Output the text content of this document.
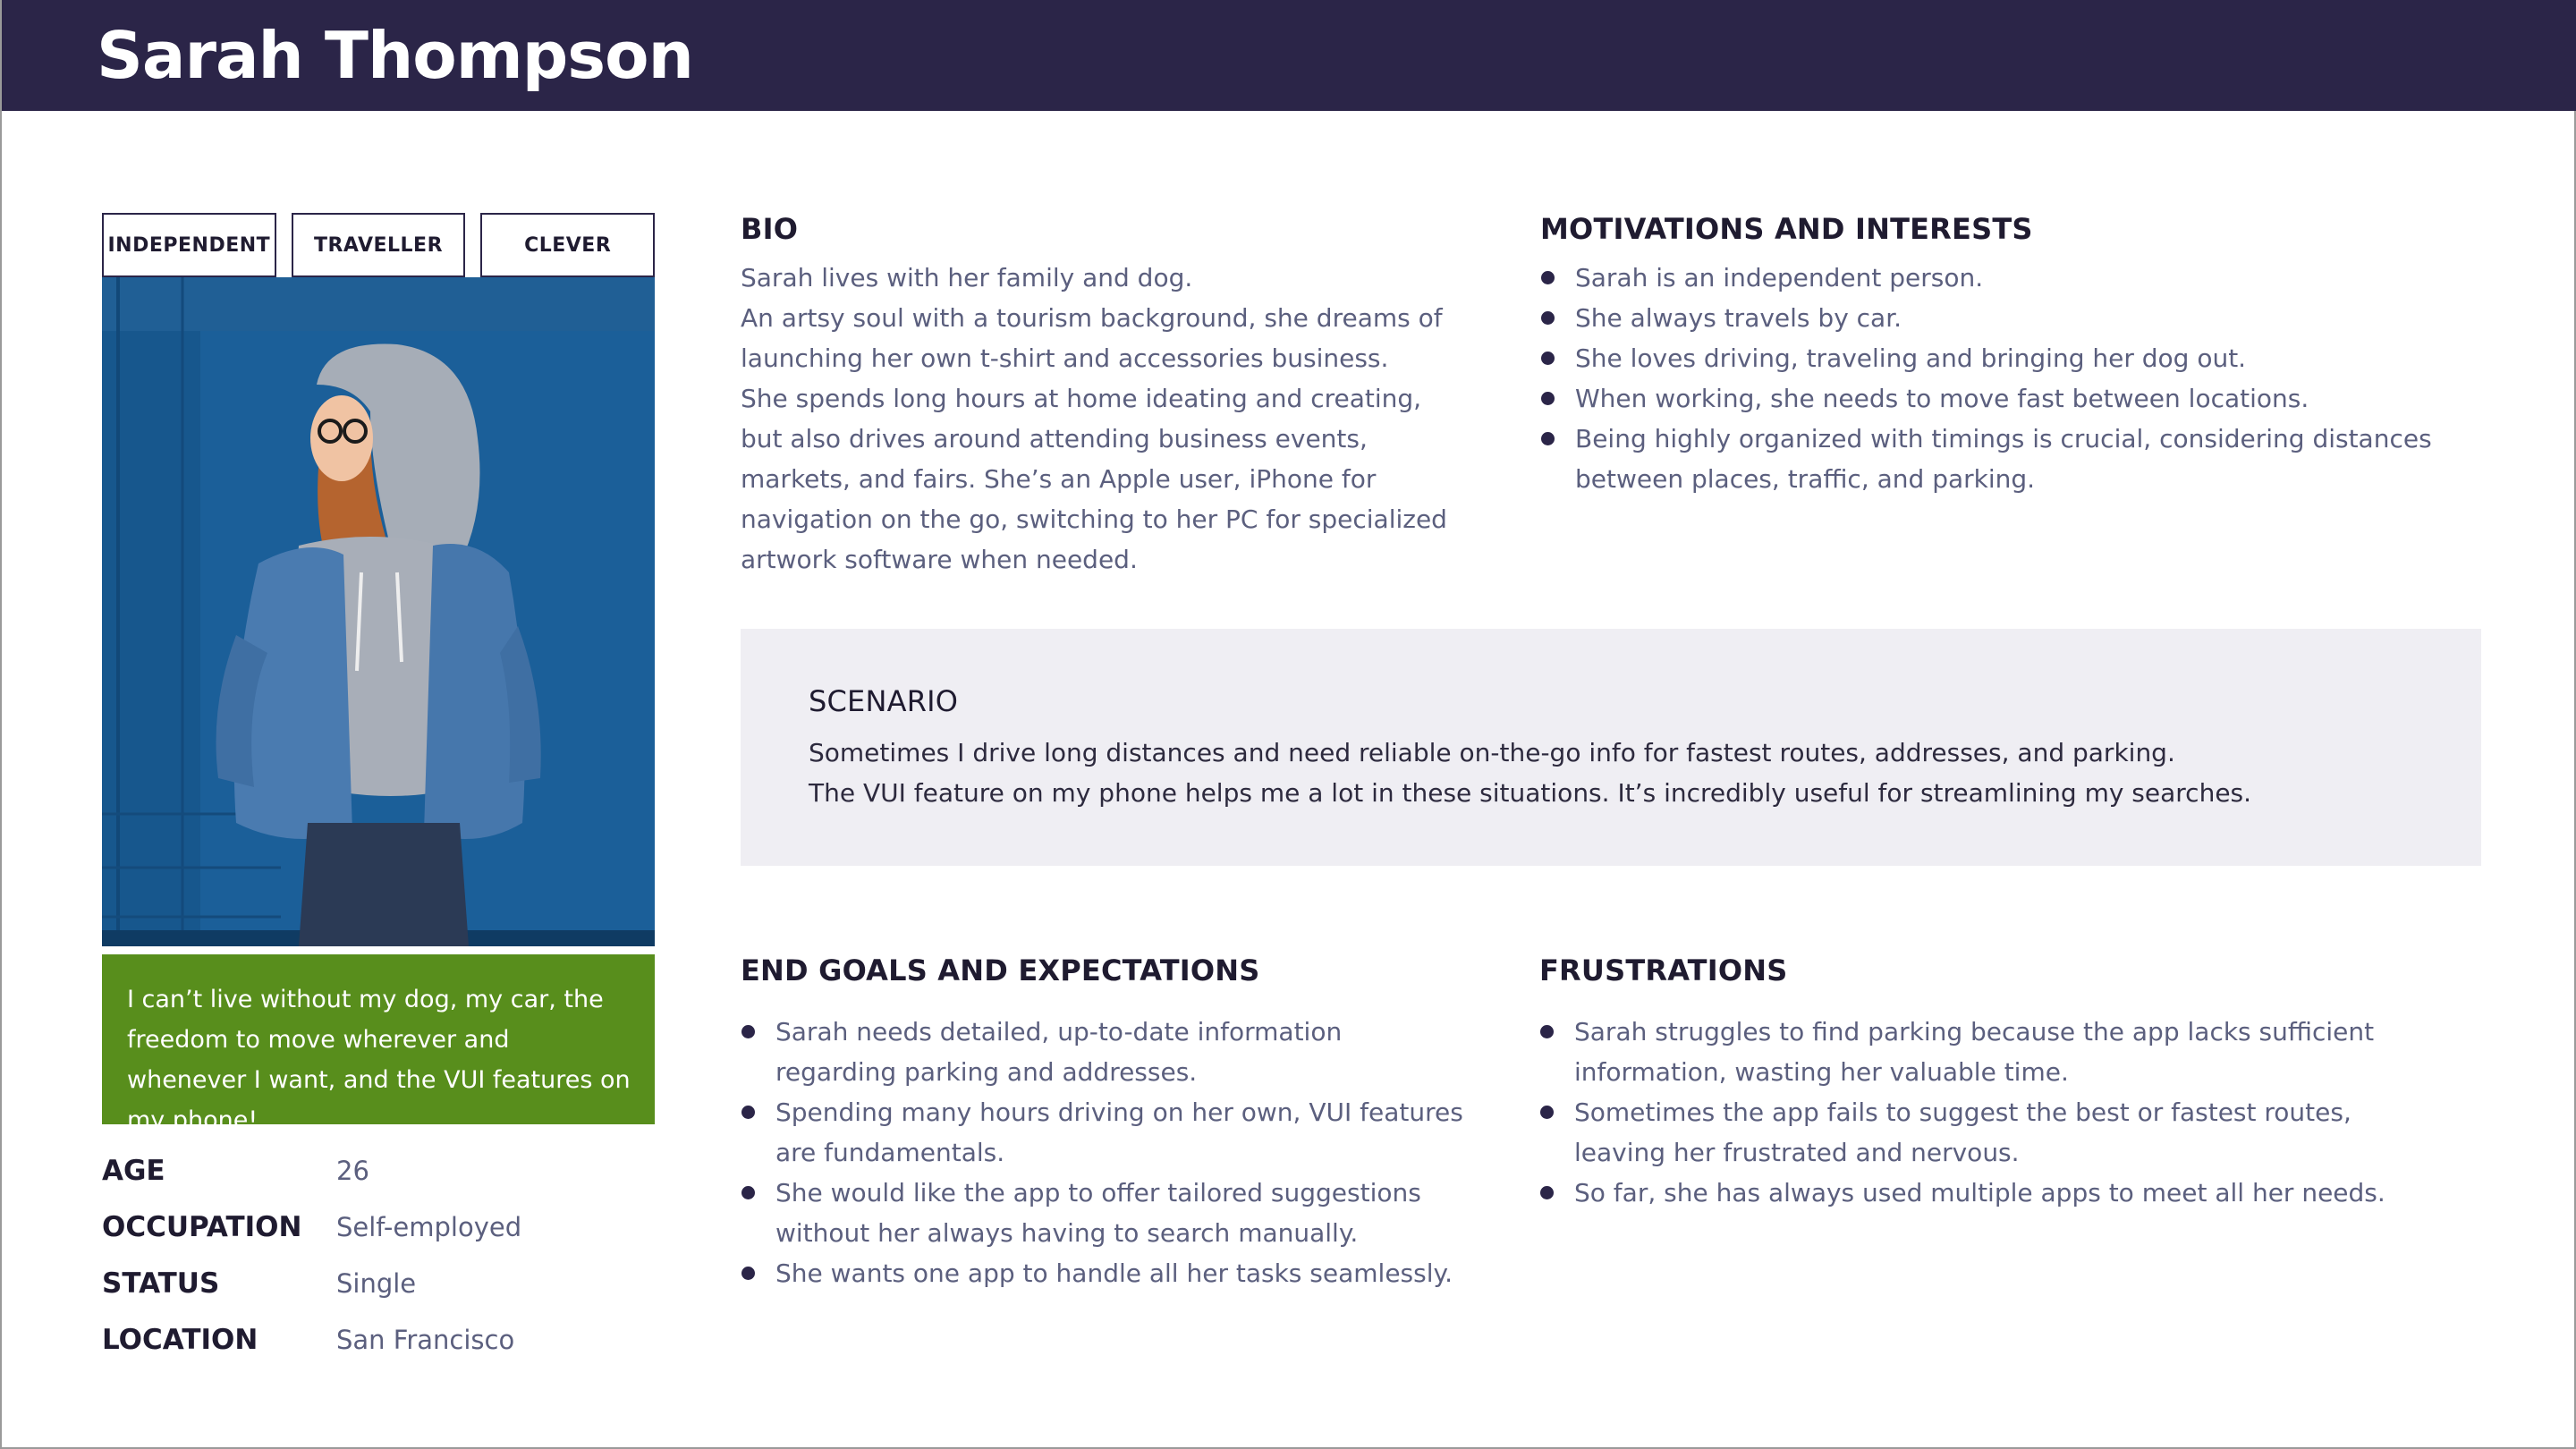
Sarah Thompson
INDEPENDENT	TRAVELLER	CLEVER

I can’t live without my dog, my car, the freedom to move wherever and whenever I want, and the VUI features on my phone!

AGE	26
OCCUPATION	Self-employed
STATUS	Single
LOCATION	San Francisco
BIO
Sarah lives with her family and dog.
An artsy soul with a tourism background, she dreams of
launching her own t-shirt and accessories business.
She spends long hours at home ideating and creating,
but also drives around attending business events,
markets, and fairs. She’s an Apple user, iPhone for
navigation on the go, switching to her PC for specialized
artwork software when needed.
MOTIVATIONS AND INTERESTS
Sarah is an independent person.
She always travels by car.
She loves driving, traveling and bringing her dog out.
When working, she needs to move fast between locations.
Being highly organized with timings is crucial, considering distances
between places, traffic, and parking.
SCENARIO

Sometimes I drive long distances and need reliable on-the-go info for fastest routes, addresses, and parking.

The VUI feature on my phone helps me a lot in these situations. It’s incredibly useful for streamlining my searches.

END GOALS AND EXPECTATIONS
Sarah needs detailed, up-to-date information
regarding parking and addresses.
Spending many hours driving on her own, VUI features
are fundamentals.
She would like the app to offer tailored suggestions
without her always having to search manually.
She wants one app to handle all her tasks seamlessly.
FRUSTRATIONS
Sarah struggles to find parking because the app lacks sufficient
information, wasting her valuable time.
Sometimes the app fails to suggest the best or fastest routes,
leaving her frustrated and nervous.
So far, she has always used multiple apps to meet all her needs.
